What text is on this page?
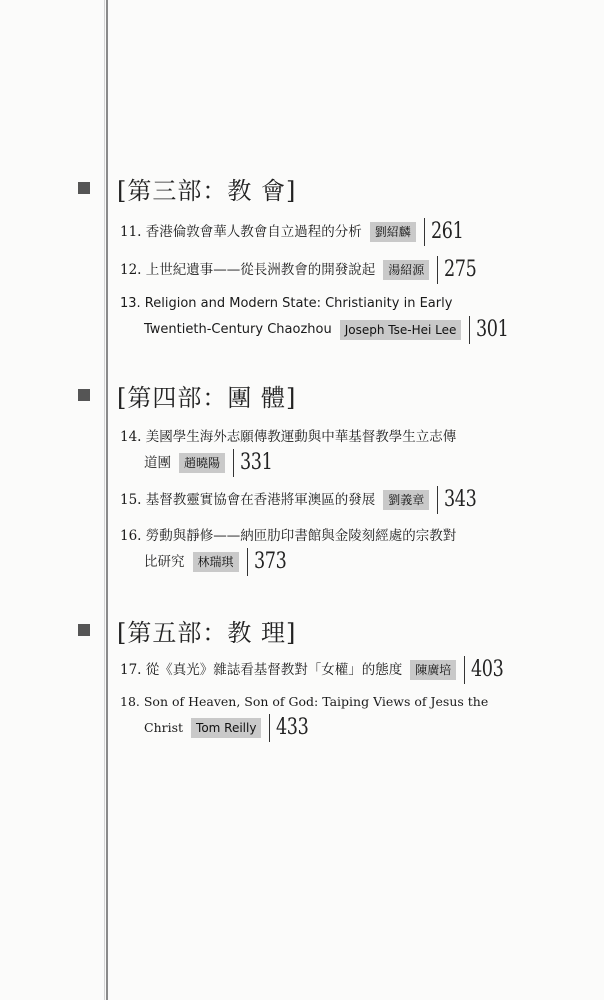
[第三部：教 會]
11. 香港倫敦會華人教會自立過程的分析	劉紹麟 261
12. 上世紀遺事——從長洲教會的開發說起	湯紹源 275
13. Religion and Modern State: Christianity in Early
Twentieth-Century Chaozhou	Joseph Tse-Hei Lee 301
[第四部：團 體]
14. 美國學生海外志願傳教運動與中華基督教學生立志傳
道團	趙曉陽 331
15. 基督教靈實協會在香港將軍澳區的發展	劉義章 343
16. 勞動與靜修——納匝肋印書館與金陵刻經處的宗教對
比研究	林瑞琪 373
[第五部：教 理]
17. 從《真光》雜誌看基督教對「女權」的態度	陳廣培 403
18. Son of Heaven, Son of God: Taiping Views of Jesus the
Christ	Tom Reilly 433
